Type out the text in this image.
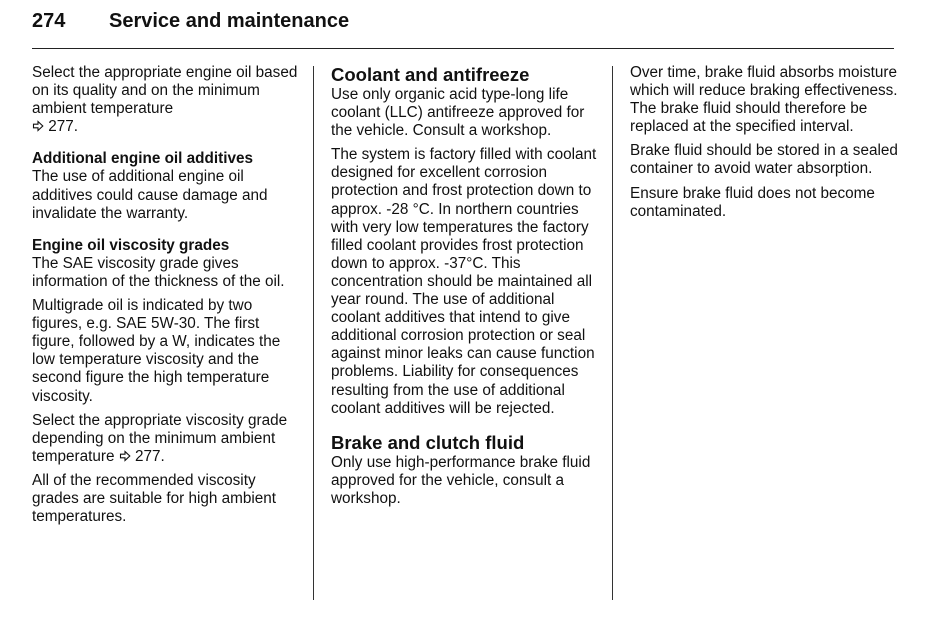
274 Service and maintenance

Select the appropriate engine oil based on its quality and on the minimum ambient temperature
277.

Additional engine oil additives

The use of additional engine oil additives could cause damage and invalidate the warranty.

Engine oil viscosity grades

The SAE viscosity grade gives information of the thickness of the oil.

Multigrade oil is indicated by two figures, e.g. SAE 5W-30. The first figure, followed by a W, indicates the low temperature viscosity and the second figure the high temperature viscosity.

Select the appropriate viscosity grade depending on the minimum ambient temperature 277.

All of the recommended viscosity grades are suitable for high ambient temperatures.

Coolant and antifreeze

Use only organic acid type-long life coolant (LLC) antifreeze approved for the vehicle. Consult a workshop.

The system is factory filled with coolant designed for excellent corrosion protection and frost protection down to approx. -28 °C. In northern countries with very low temperatures the factory filled coolant provides frost protection down to approx. -37°C. This concentration should be maintained all year round. The use of additional coolant additives that intend to give additional corrosion protection or seal against minor leaks can cause function problems. Liability for consequences resulting from the use of additional coolant additives will be rejected.

Brake and clutch fluid

Only use high-performance brake fluid approved for the vehicle, consult a workshop.

Over time, brake fluid absorbs moisture which will reduce braking effectiveness. The brake fluid should therefore be replaced at the specified interval.

Brake fluid should be stored in a sealed container to avoid water absorption.

Ensure brake fluid does not become contaminated.
